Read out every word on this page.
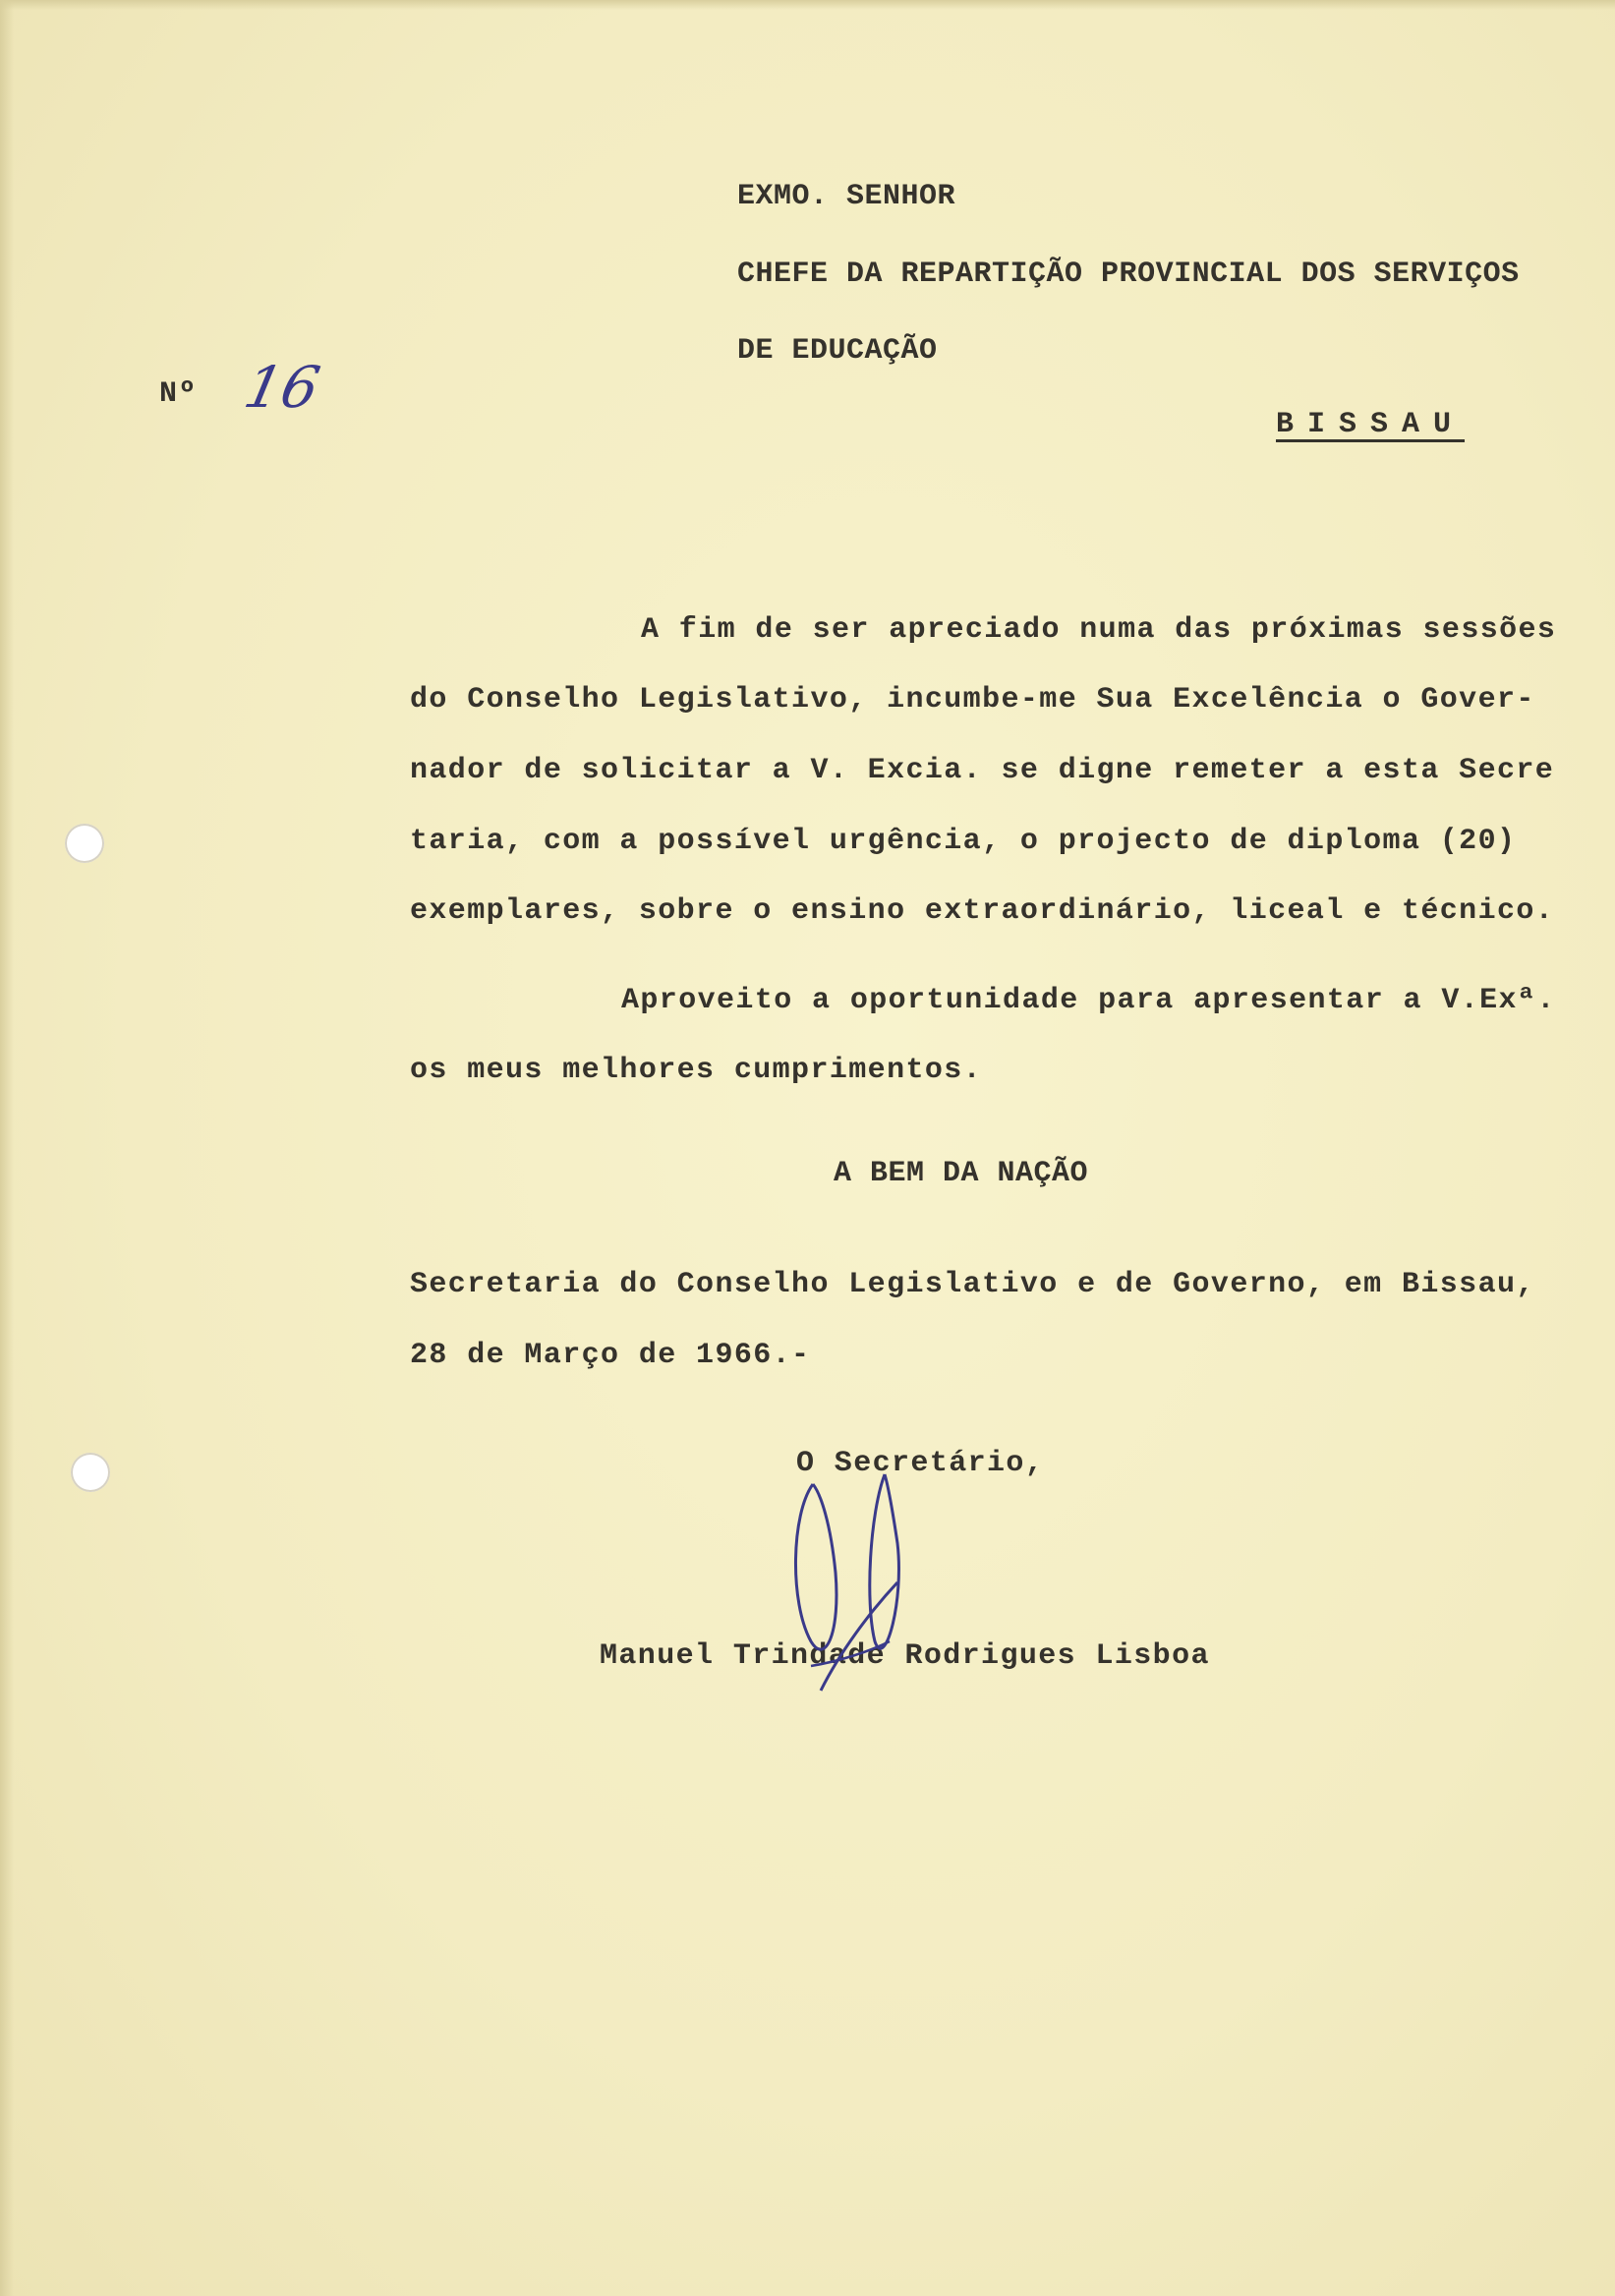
EXMO. SENHOR
CHEFE DA REPARTIÇÃO PROVINCIAL DOS SERVIÇOS
DE EDUCAÇÃO
BISSAU
Nº 16
A fim de ser apreciado numa das próximas sessões
do Conselho Legislativo, incumbe-me Sua Excelência o Gover-
nador de solicitar a V. Excia. se digne remeter a esta Secre
taria, com a possível urgência, o projecto de diploma (20)
exemplares, sobre o ensino extraordinário, liceal e técnico.
Aproveito a oportunidade para apresentar a V.Exª.
os meus melhores cumprimentos.
A BEM DA NAÇÃO
Secretaria do Conselho Legislativo e de Governo, em Bissau,
28 de Março de 1966.-
O Secretário,
Manuel Trindade Rodrigues Lisboa
